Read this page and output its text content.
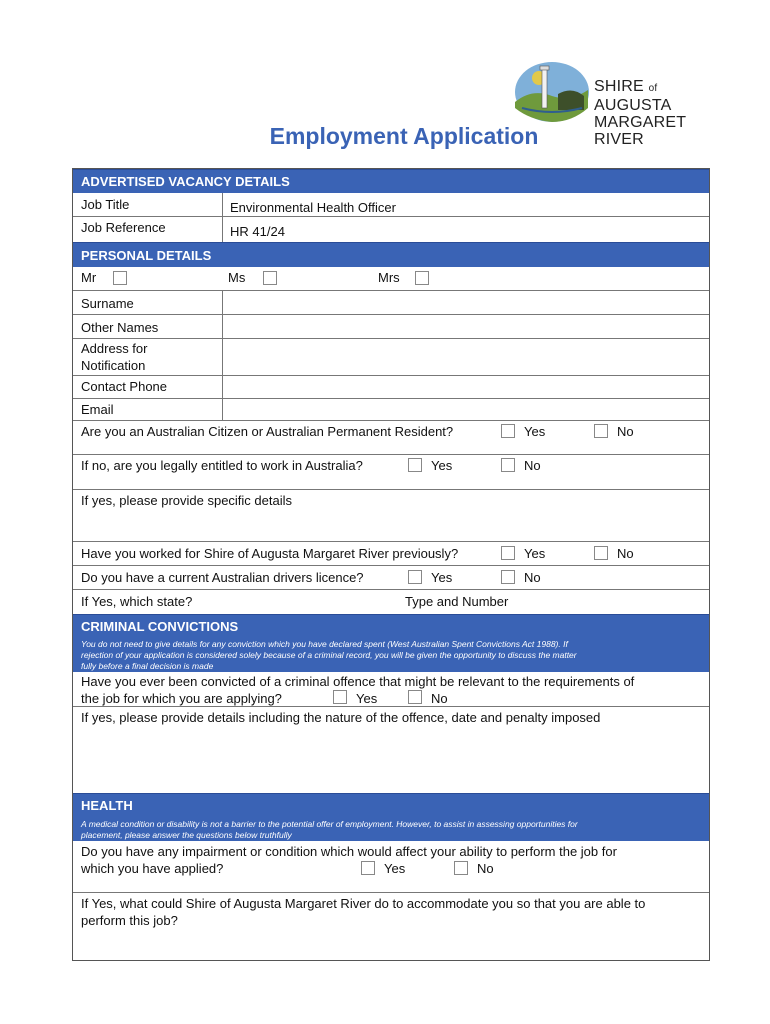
SHIRE of AUGUSTA
MARGARET RIVER
Employment Application
ADVERTISED VACANCY DETAILS
Job Title	Environmental Health Officer
Job Reference	HR 41/24
PERSONAL DETAILS
Mr	Ms	Mrs
Surname
Other Names
Address for
Notification
Contact Phone
Email
Are you an Australian Citizen or Australian Permanent Resident?	Yes	No
If no, are you legally entitled to work in Australia?	Yes	No
If yes, please provide specific details
Have you worked for Shire of Augusta Margaret River previously?	Yes	No
Do you have a current Australian drivers licence?	Yes	No
If Yes, which state?	Type and Number
CRIMINAL CONVICTIONS
You do not need to give details for any conviction which you have declared spent (West Australian Spent Convictions Act 1988). If
rejection of your application is considered solely because of a criminal record, you will be given the opportunity to discuss the matter
fully before a final decision is made
Have you ever been convicted of a criminal offence that might be relevant to the requirements of
the job for which you are applying?	Yes	No
If yes, please provide details including the nature of the offence, date and penalty imposed
HEALTH
A medical condition or disability is not a barrier to the potential offer of employment. However, to assist in assessing opportunities for
placement, please answer the questions below truthfully
Do you have any impairment or condition which would affect your ability to perform the job for
which you have applied?	Yes	No
If Yes, what could Shire of Augusta Margaret River do to accommodate you so that you are able to
perform this job?
